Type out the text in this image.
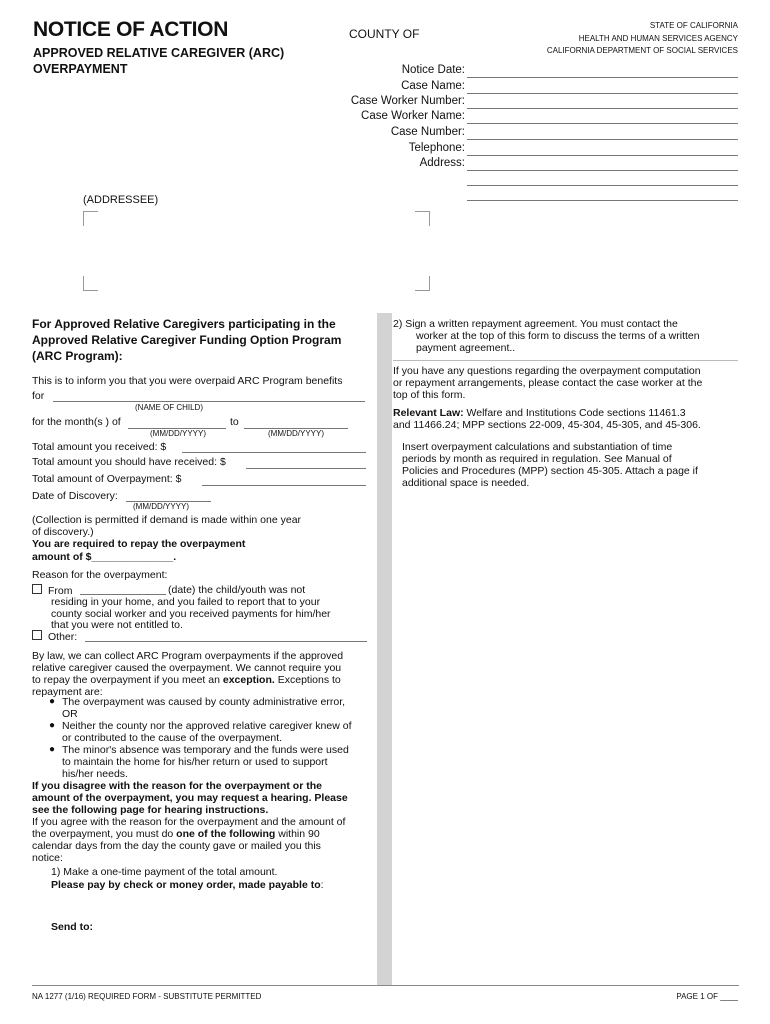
NOTICE OF ACTION
APPROVED RELATIVE CAREGIVER (ARC)
OVERPAYMENT
COUNTY OF
STATE OF CALIFORNIA
HEALTH AND HUMAN SERVICES AGENCY
CALIFORNIA DEPARTMENT OF SOCIAL SERVICES
Notice Date:
Case Name:
Case Worker Number:
Case Worker Name:
Case Number:
Telephone:
Address:
(ADDRESSEE)
For Approved Relative Caregivers participating in the
Approved Relative Caregiver Funding Option Program
(ARC Program):
This is to inform you that you were overpaid ARC Program benefits
for
(NAME OF CHILD)
for the month(s ) of	to
(MM/DD/YYYY)	(MM/DD/YYYY)
Total amount you received: $
Total amount you should have received: $
Total amount of Overpayment: $
Date of Discovery:
(MM/DD/YYYY)
(Collection is permitted if demand is made within one year
of discovery.)
You are required to repay the overpayment
amount of $______________.
Reason for the overpayment:
From	(date) the child/youth was not
residing in your home, and you failed to report that to your
county social worker and you received payments for him/her
that you were not entitled to.
Other:
By law, we can collect ARC Program overpayments if the approved
relative caregiver caused the overpayment. We cannot require you
to repay the overpayment if you meet an exception. Exceptions to
repayment are:
● The overpayment was caused by county administrative error,
OR
● Neither the county nor the approved relative caregiver knew of
or contributed to the cause of the overpayment.
● The minor's absence was temporary and the funds were used
to maintain the home for his/her return or used to support
his/her needs.
If you disagree with the reason for the overpayment or the
amount of the overpayment, you may request a hearing. Please
see the following page for hearing instructions.
If you agree with the reason for the overpayment and the amount of
the overpayment, you must do one of the following within 90
calendar days from the day the county gave or mailed you this
notice:
1) Make a one-time payment of the total amount.
Please pay by check or money order, made payable to:
Send to:
2) Sign a written repayment agreement. You must contact the
worker at the top of this form to discuss the terms of a written
payment agreement..
If you have any questions regarding the overpayment computation
or repayment arrangements, please contact the case worker at the
top of this form.
Relevant Law: Welfare and Institutions Code sections 11461.3
and 11466.24; MPP sections 22-009, 45-304, 45-305, and 45-306.
Insert overpayment calculations and substantiation of time
periods by month as required in regulation. See Manual of
Policies and Procedures (MPP) section 45-305. Attach a page if
additional space is needed.
NA 1277 (1/16) REQUIRED FORM - SUBSTITUTE PERMITTED	PAGE 1 OF ____
